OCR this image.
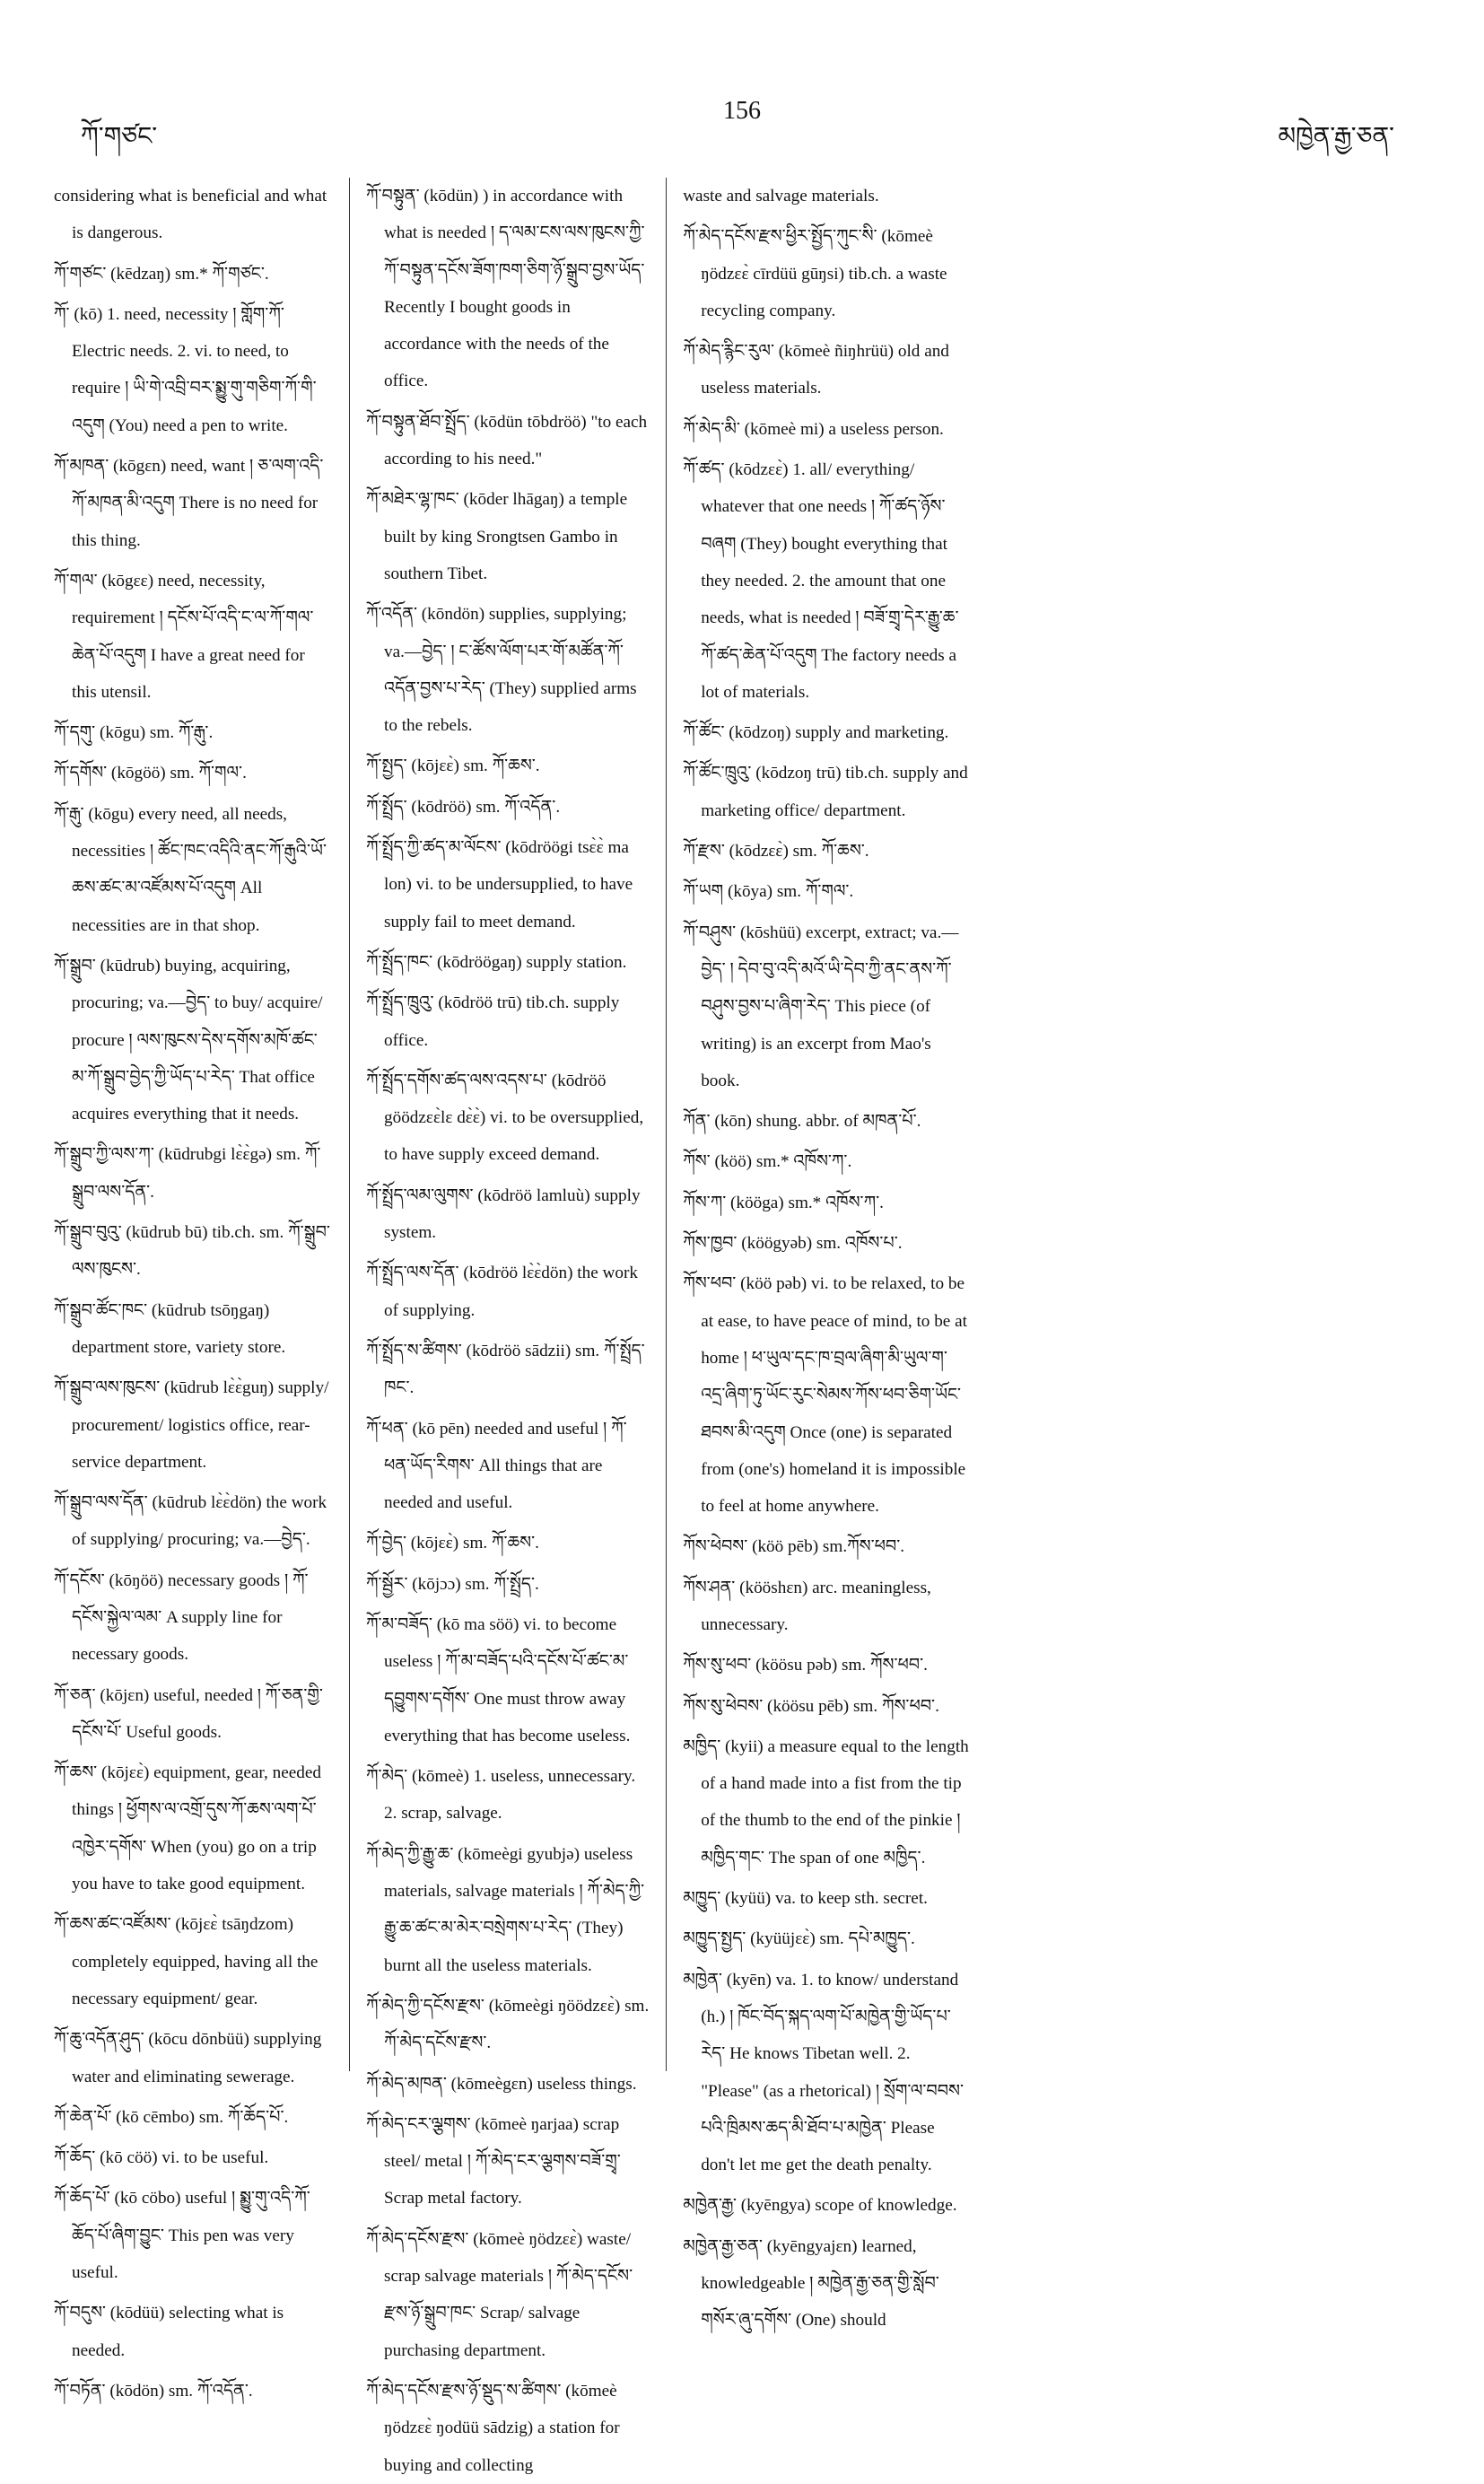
ཀོ་གཙང་
156
མཁྱེན་རྒྱ་ཅན་

considering what is beneficial and what is dangerous.

ཀོ་གཙང་ (kēdzaŋ) sm.* ཀོ་གཙང་.

ཀོ་ (kō) 1. need, necessity ། གློག་ཀོ་ Electric needs. 2. vi. to need, to require ། ཡི་གེ་འབྲི་བར་སྨྱུ་གུ་གཅིག་ཀོ་གི་འདུག (You) need a pen to write.

ཀོ་མཁན་ (kōgɛn) need, want ། ཅ་ལག་འདི་ཀོ་མཁན་མི་འདུག There is no need for this thing.

ཀོ་གལ་ (kōgɛɛ) need, necessity, requirement ། དངོས་པོ་འདི་ང་ལ་ཀོ་གལ་ཆེན་པོ་འདུག I have a great need for this utensil.

ཀོ་དགུ་ (kōgu) sm. ཀོ་རྒུ་.

ཀོ་དགོས་ (kōgöö) sm. ཀོ་གལ་.

ཀོ་རྒུ་ (kōgu) every need, all needs, necessities ། ཚོང་ཁང་འདིའི་ནང་ཀོ་རྒུའི་ཡོ་ཆས་ཚང་མ་འཛོམས་པོ་འདུག All necessities are in that shop.

ཀོ་སྒྲུབ་ (kūdrub) buying, acquiring, procuring; va.—བྱེད་ to buy/ acquire/ procure ། ལས་ཁུངས་དེས་དགོས་མཁོ་ཚང་མ་ཀོ་སྒྲུབ་བྱེད་ཀྱི་ཡོད་པ་རེད་ That office acquires everything that it needs.

ཀོ་སྒྲུབ་ཀྱི་ལས་ཀ་ (kūdrubgi lɛ̀ɛ̀gə) sm. ཀོ་སྒྲུབ་ལས་དོན་.

ཀོ་སྒྲུབ་བུའུ་ (kūdrub bū) tib.ch. sm. ཀོ་སྒྲུབ་ལས་ཁུངས་.

ཀོ་སྒྲུབ་ཚོང་ཁང་ (kūdrub tsōŋgaŋ) department store, variety store.

ཀོ་སྒྲུབ་ལས་ཁུངས་ (kūdrub lɛ̀ɛ̀guŋ) supply/ procurement/ logistics office, rear-service department.

ཀོ་སྒྲུབ་ལས་དོན་ (kūdrub lɛ̀ɛ̀dön) the work of supplying/ procuring; va.—བྱེད་.

ཀོ་དངོས་ (kōŋöö) necessary goods ། ཀོ་དངོས་སྐྱེལ་ལམ་ A supply line for necessary goods.

ཀོ་ཅན་ (kōjɛn) useful, needed ། ཀོ་ཅན་གྱི་དངོས་པོ་ Useful goods.

ཀོ་ཆས་ (kōjɛɛ̀) equipment, gear, needed things ། ཕྱོགས་ལ་འགྲོ་དུས་ཀོ་ཆས་ལག་པོ་འཁྱེར་དགོས་ When (you) go on a trip you have to take good equipment.

ཀོ་ཆས་ཚང་འཛོམས་ (kōjɛɛ̀ tsāŋdzom) completely equipped, having all the necessary equipment/ gear.

ཀོ་ཆུ་འདོན་ཤུད་ (kōcu dōnbüü) supplying water and eliminating sewerage.

ཀོ་ཆེན་པོ་ (kō cēmbo) sm. ཀོ་ཆོད་པོ་.

ཀོ་ཆོད་ (kō cöö) vi. to be useful.

ཀོ་ཆོད་པོ་ (kō cöbo) useful ། སྨྱུ་གུ་འདི་ཀོ་ཆོད་པོ་ཞིག་བྱུང་ This pen was very useful.

ཀོ་བདུས་ (kōdüü) selecting what is needed.

ཀོ་བཏོན་ (kōdön) sm. ཀོ་འདོན་.

ཀོ་བསྟུན་ (kōdün) ) in accordance with what is needed ། ད་ལམ་ངས་ལས་ཁུངས་ཀྱི་ཀོ་བསྟུན་དངོས་ཟོག་ཁག་ཅིག་ཉོ་སྒྲུབ་བྱས་ཡོད་ Recently I bought goods in accordance with the needs of the office.

ཀོ་བསྟུན་ཐོབ་སྤྲོད་ (kōdün tōbdröö) "to each according to his need."

ཀོ་མཐེར་ལྷ་ཁང་ (kōder lhāgaŋ) a temple built by king Srongtsen Gambo in southern Tibet.

ཀོ་འདོན་ (kōndön) supplies, supplying; va.—བྱེད་ ། ང་ཚོས་ལོག་པར་གོ་མཚོན་ཀོ་འདོན་བྱས་པ་རེད་ (They) supplied arms to the rebels.

ཀོ་སྤྱད་ (kōjɛɛ̀) sm. ཀོ་ཆས་.

ཀོ་སྤྲོད་ (kōdröö) sm. ཀོ་འདོན་.

ཀོ་སྤྲོད་ཀྱི་ཚད་མ་ལོངས་ (kōdröögi tsɛ̀ɛ̀ ma lon) vi. to be undersupplied, to have supply fail to meet demand.

ཀོ་སྤྲོད་ཁང་ (kōdröögaŋ) supply station.

ཀོ་སྤྲོད་ཁྲུའུ་ (kōdröö trū) tib.ch. supply office.

ཀོ་སྤྲོད་དགོས་ཚད་ལས་འདས་པ་ (kōdröö göödzɛɛ̀lɛ dɛ̀ɛ̀) vi. to be oversupplied, to have supply exceed demand.

ཀོ་སྤྲོད་ལམ་ལུགས་ (kōdröö lamluù) supply system.

ཀོ་སྤྲོད་ལས་དོན་ (kōdröö lɛ̀ɛ̀dön) the work of supplying.

ཀོ་སྤྲོད་ས་ཚིགས་ (kōdröö sādzii) sm. ཀོ་སྤྲོད་ཁང་.

ཀོ་ཕན་ (kō pēn) needed and useful ། ཀོ་ཕན་ཡོད་རིགས་ All things that are needed and useful.

ཀོ་བྱེད་ (kōjɛɛ̀) sm. ཀོ་ཆས་.

ཀོ་སྦྱོར་ (kōjɔɔ) sm. ཀོ་སྤྲོད་.

ཀོ་མ་བཟོད་ (kō ma söö) vi. to become useless ། ཀོ་མ་བཟོད་པའི་དངོས་པོ་ཚང་མ་དབྱུགས་དགོས་ One must throw away everything that has become useless.

ཀོ་མེད་ (kōmeè) 1. useless, unnecessary. 2. scrap, salvage.

ཀོ་མེད་ཀྱི་རྒྱུ་ཆ་ (kōmeègi gyubjə) useless materials, salvage materials ། ཀོ་མེད་ཀྱི་རྒྱུ་ཆ་ཚང་མ་མེར་བསྲེགས་པ་རེད་ (They) burnt all the useless materials.

ཀོ་མེད་ཀྱི་དངོས་རྫས་ (kōmeègi ŋöödzɛɛ̀) sm. ཀོ་མེད་དངོས་རྫས་.

ཀོ་མེད་མཁན་ (kōmeègɛn) useless things.

ཀོ་མེད་ངར་ལྕགས་ (kōmeè ŋarjaa) scrap steel/ metal ། ཀོ་མེད་ངར་ལྕགས་བཟོ་གྲྭ་ Scrap metal factory.

ཀོ་མེད་དངོས་རྫས་ (kōmeè ŋödzɛɛ̀) waste/ scrap salvage materials ། ཀོ་མེད་དངོས་རྫས་ཉོ་སྒྲུབ་ཁང་ Scrap/ salvage purchasing department.

ཀོ་མེད་དངོས་རྫས་ཉོ་སྡུད་ས་ཚིགས་ (kōmeè ŋödzɛɛ̀ ŋodüü sādzig) a station for buying and collecting

waste and salvage materials.

ཀོ་མེད་དངོས་རྫས་ཕྱིར་སྤྱོད་ཀུང་སི་ (kōmeè ŋödzɛɛ̀ cīrdüü gūŋsi) tib.ch. a waste recycling company.

ཀོ་མེད་རྙིང་རུལ་ (kōmeè ñiŋhrüü) old and useless materials.

ཀོ་མེད་མི་ (kōmeè mi) a useless person.

ཀོ་ཚད་ (kōdzɛɛ̀) 1. all/ everything/ whatever that one needs ། ཀོ་ཚད་ཉོས་བཞག (They) bought everything that they needed. 2. the amount that one needs, what is needed ། བཟོ་གྲྭ་དེར་རྒྱུ་ཆ་ཀོ་ཚད་ཆེན་པོ་འདུག The factory needs a lot of materials.

ཀོ་ཚོང་ (kōdzoŋ) supply and marketing.

ཀོ་ཚོང་ཁྲུའུ་ (kōdzoŋ trū) tib.ch. supply and marketing office/ department.

ཀོ་རྫས་ (kōdzɛɛ̀) sm. ཀོ་ཆས་.

ཀོ་ཡག (kōya) sm. ཀོ་གལ་.

ཀོ་བཤུས་ (kōshüü) excerpt, extract; va.—བྱེད་ ། དེབ་བུ་འདི་མའོ་ཡི་དེབ་ཀྱི་ནང་ནས་ཀོ་བཤུས་བྱས་པ་ཞིག་རེད་ This piece (of writing) is an excerpt from Mao's book.

ཀོན་ (kōn) shung. abbr. of མཁན་པོ་.

ཀོས་ (köö) sm.* འཁོས་ཀ་.

ཀོས་ཀ་ (kööga) sm.* འཁོས་ཀ་.

ཀོས་ཁྱབ་ (köögyəb) sm. འཁོས་པ་.

ཀོས་ཕབ་ (köö pəb) vi. to be relaxed, to be at ease, to have peace of mind, to be at home ། ཕ་ཡུལ་དང་ཁ་བྲལ་ཞིག་མི་ཡུལ་ག་འདྲ་ཞིག་ཏུ་ཡོང་རུང་སེམས་ཀོས་ཕབ་ཅིག་ཡོང་ཐབས་མི་འདུག Once (one) is separated from (one's) homeland it is impossible to feel at home anywhere.

ཀོས་ཕེབས་ (köö pēb) sm.ཀོས་ཕབ་.

ཀོས་ཤན་ (kööshɛn) arc. meaningless, unnecessary.

ཀོས་སུ་ཕབ་ (köösu pəb) sm. ཀོས་ཕབ་.

ཀོས་སུ་ཕེབས་ (köösu pēb) sm. ཀོས་ཕབ་.

མཁྱིད་ (kyii) a measure equal to the length of a hand made into a fist from the tip of the thumb to the end of the pinkie ། མཁྱིད་གང་ The span of one མཁྱིད་.

མཁྱུད་ (kyüü) va. to keep sth. secret.

མཁྱུད་སྤྱད་ (kyüüjɛɛ̀) sm. དཔེ་མཁྱུད་.

མཁྱེན་ (kyēn) va. 1. to know/ understand (h.) ། ཁོང་བོད་སྐད་ལག་པོ་མཁྱེན་གྱི་ཡོད་པ་རེད་ He knows Tibetan well. 2. "Please" (as a rhetorical) ། སྲོག་ལ་བབས་པའི་ཁྲིམས་ཆད་མི་ཐོབ་པ་མཁྱེན་ Please don't let me get the death penalty.

མཁྱེན་རྒྱ་ (kyēngya) scope of knowledge.

མཁྱེན་རྒྱ་ཅན་ (kyēngyajɛn) learned, knowledgeable ། མཁྱེན་རྒྱ་ཅན་གྱི་སློབ་གསོར་ཞུ་དགོས་ (One) should
